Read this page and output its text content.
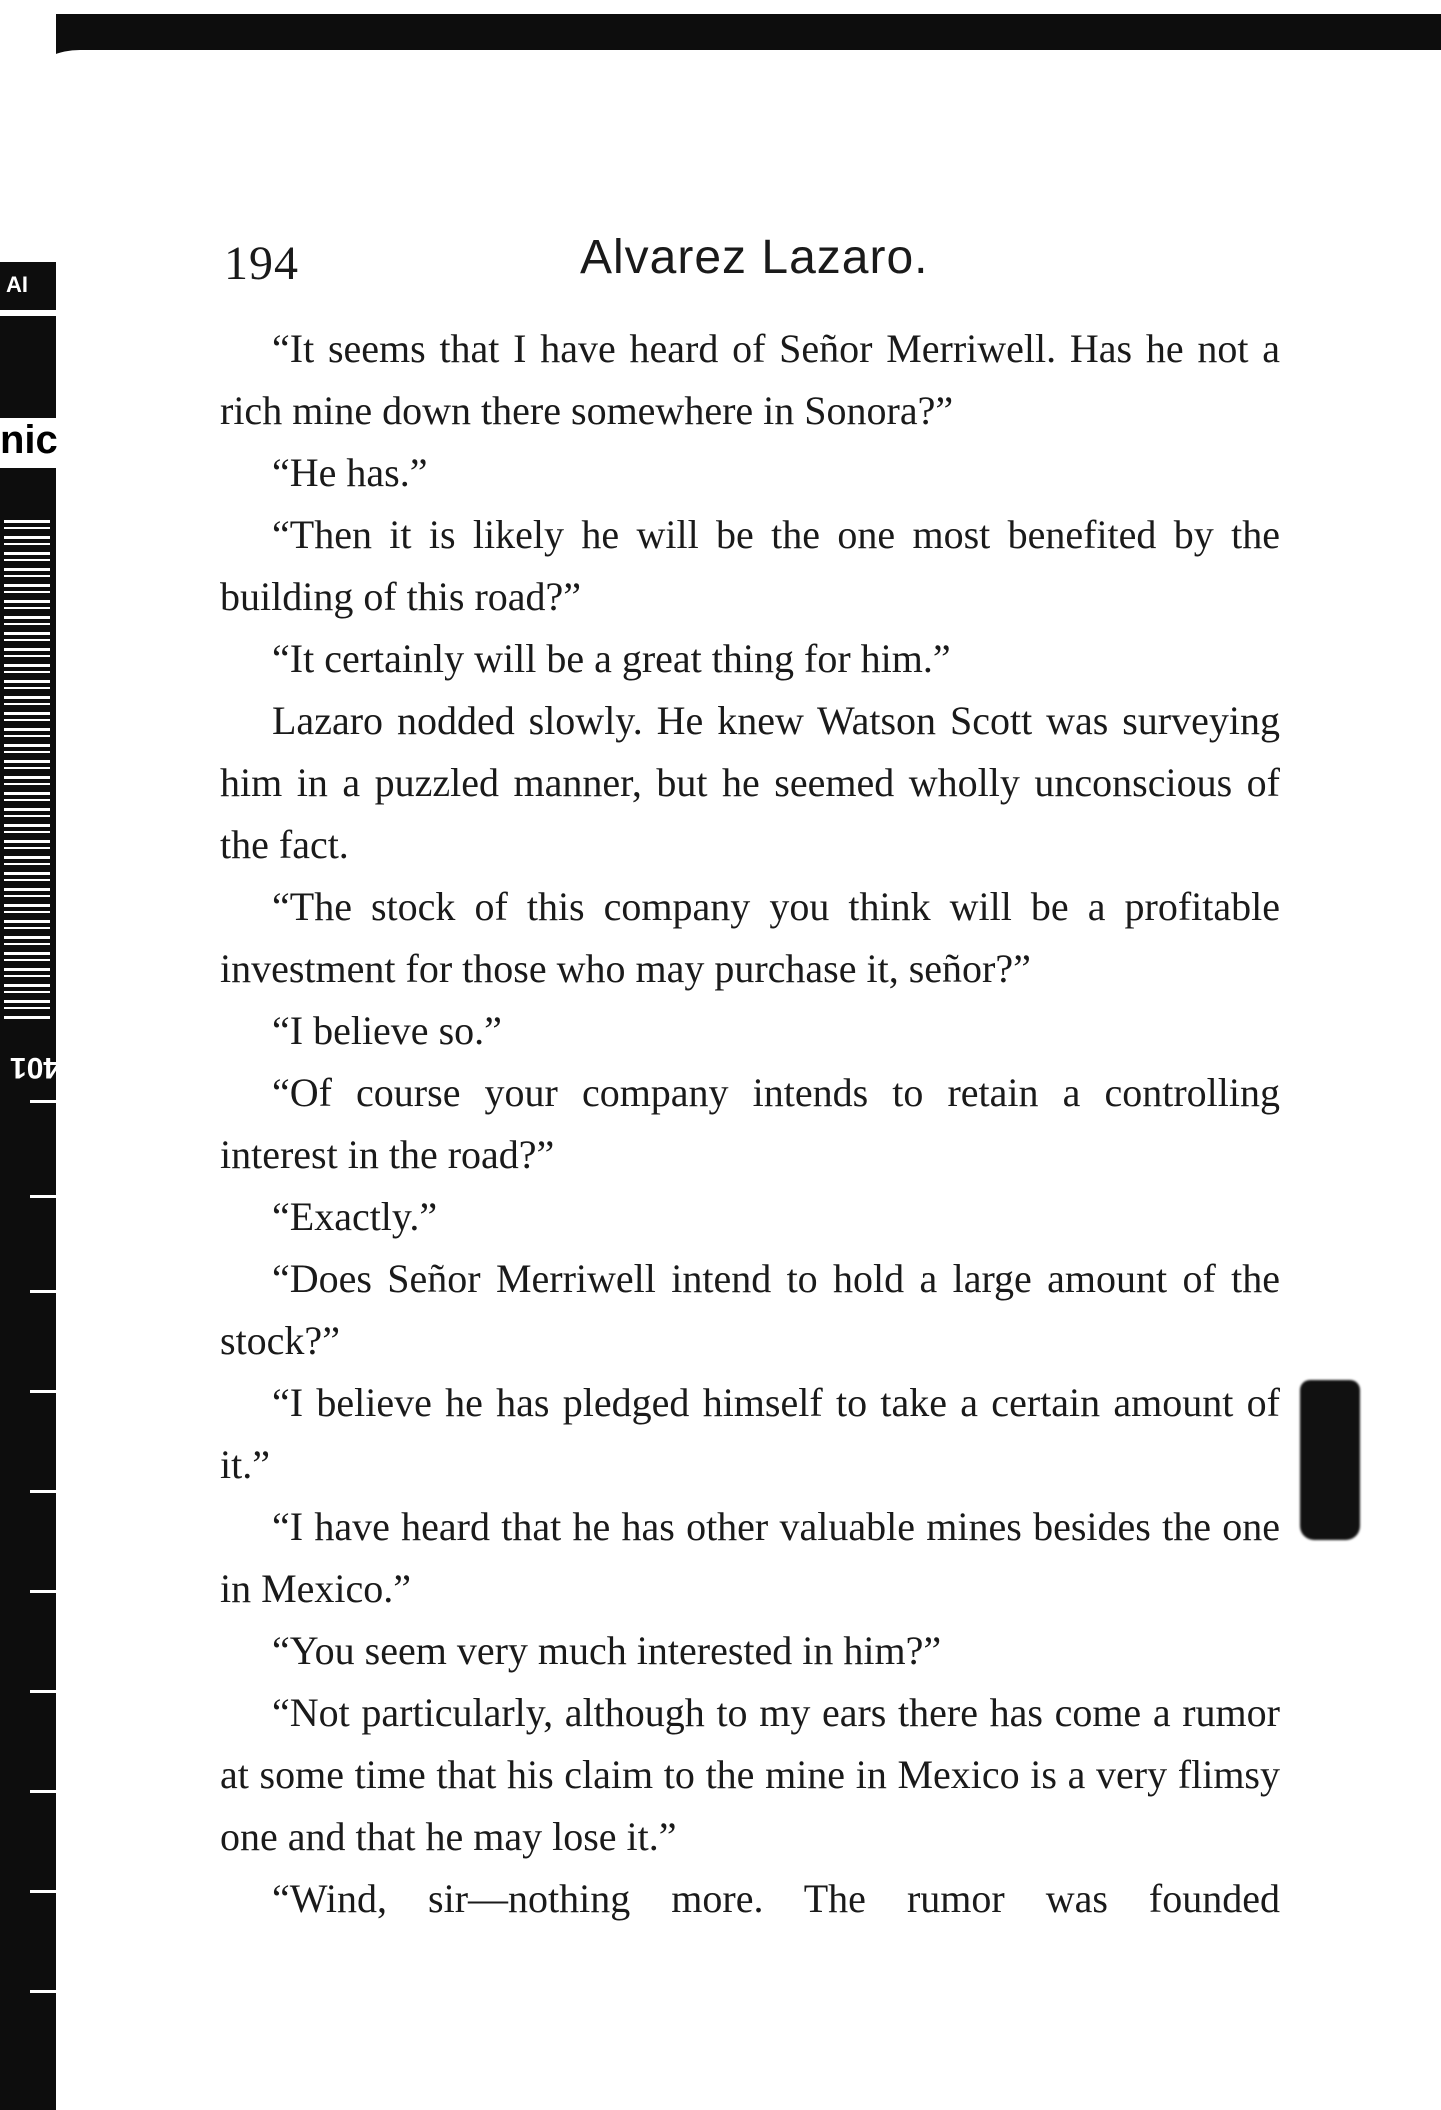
AI
nic
401
194	Alvarez Lazaro.

“It seems that I have heard of Señor Merriwell. Has he not a rich mine down there somewhere in Sonora?”

“He has.”

“Then it is likely he will be the one most benefited by the building of this road?”

“It certainly will be a great thing for him.”

Lazaro nodded slowly. He knew Watson Scott was surveying him in a puzzled manner, but he seemed wholly unconscious of the fact.

“The stock of this company you think will be a profitable investment for those who may purchase it, señor?”

“I believe so.”

“Of course your company intends to retain a controlling interest in the road?”

“Exactly.”

“Does Señor Merriwell intend to hold a large amount of the stock?”

“I believe he has pledged himself to take a certain amount of it.”

“I have heard that he has other valuable mines besides the one in Mexico.”

“You seem very much interested in him?”

“Not particularly, although to my ears there has come a rumor at some time that his claim to the mine in Mexico is a very flimsy one and that he may lose it.”

“Wind, sir—nothing more. The rumor was founded
